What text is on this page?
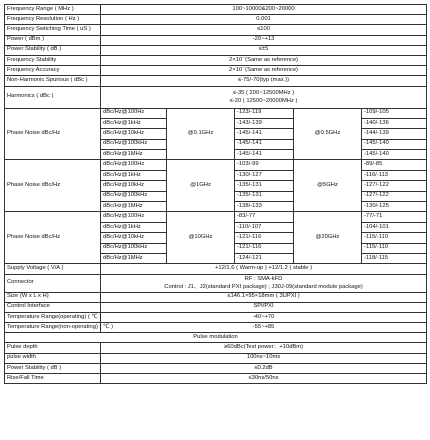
Frequency Range ( MHz )	100~10000&200~20000				
Frequency Resolution ( Hz )	0.001				
Frequency Switching Time ( uS )	≤100				
Power ( dBm )	-20~+13				
Power Stability ( dB )	≤±5				
Frequency Stability	2×10⁻(Same as reference)				
Frequency Accuracy	2×10⁻(Same as reference)				
Non-Harmonic Spurious ( dBc )	≤-75/-70(typ (max.))				
Harmonics ( dBc )	≤-35 ( 200~12500MHz )
≤-20 ( 12500~20000MHz )				

Phase Noise dBc/Hz	dBc/Hz@100Hz	@0.1GHz	-123/-119	@0.5GHz	-109/-105
	dBc/Hz@1kHz		-143/-139		-140/-136
	dBc/Hz@10kHz		-145/-141		-144/-139
	dBc/Hz@100kHz		-145/-141		-145/-140
	dBc/Hz@1MHz		-145/-141		-145/-140
Phase Noise dBc/Hz	dBc/Hz@100Hz	@1GHz	-103/-99	@5GHz	-89/-85
	dBc/Hz@1kHz		-130/-127		-116/-113
	dBc/Hz@10kHz		-135/-131		-127/-122
	dBc/Hz@100kHz		-135/-131		-127/-122
	dBc/Hz@1MHz		-138/-133		-130/-125
Phase Noise dBc/Hz	dBc/Hz@100Hz	@10GHz	-83/-77	@20GHz	-77/-71
	dBc/Hz@1kHz		-110/-107		-104/-101
	dBc/Hz@10kHz		-121/-116		-115/-110
	dBc/Hz@100kHz		-121/-116		-115/-110
	dBc/Hz@1MHz		-124/-121		-118/-115
Supply Voltage ( V/A )	+12/1.6 ( Warm-up ) +12/1.2 ( stable )				
Connector	RF : SMA-kFD
Control : J1、J2(standard PXI package) ; J30J-09(standard module package)				

Size (W x L x H)	≤146.1×95×18mm ( 3UPXI )				
Control Interface	SPI/PXI				
Temperature Range(operating) ( ℃ )	-40~+70				
Temperature Range(non-operating) ( ℃ )	-55~+85				
Pulse modulation					
Pulse depth	≥60dBc(Test power：+10dBm)				
pulse width	100ns~10ms				
Power Stability ( dB )	≤0.2dB				
Rise/Fall Time	≤30ns/50ns				
